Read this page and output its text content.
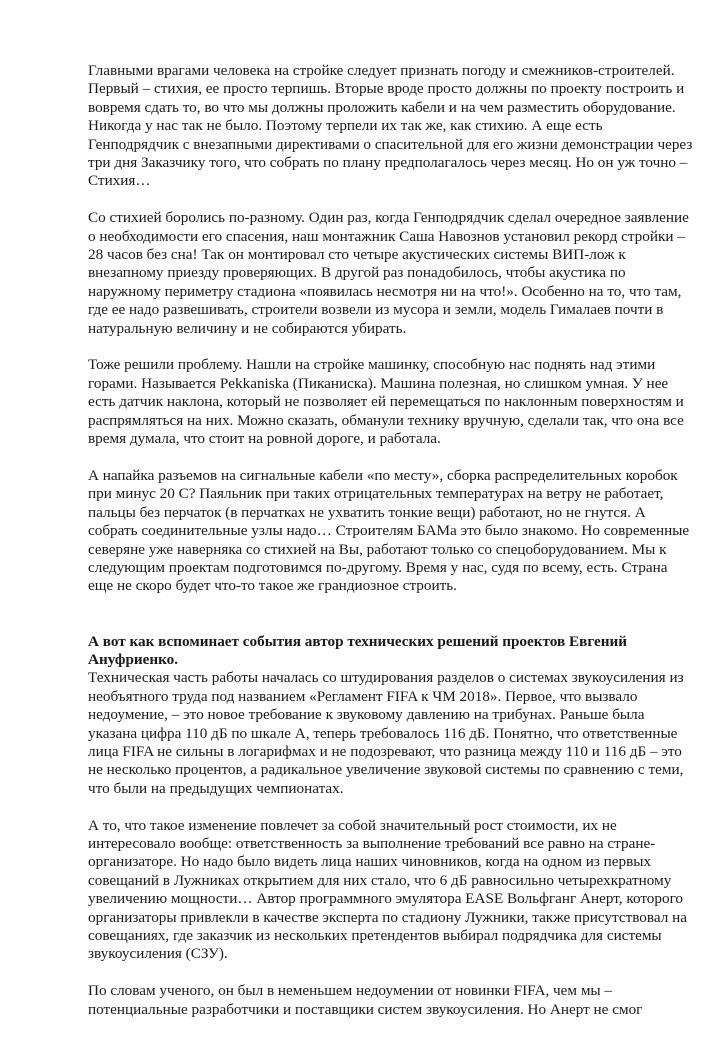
Главными врагами человека на стройке следует признать погоду и смежников-строителей.
Первый – стихия, ее просто терпишь. Вторые вроде просто должны по проекту построить и
вовремя сдать то, во что мы должны проложить кабели и на чем разместить оборудование.
Никогда у нас так не было. Поэтому терпели их так же, как стихию. А еще есть
Генподрядчик с внезапными директивами о спасительной для его жизни демонстрации через
три дня Заказчику того, что собрать по плану предполагалось через месяц. Но он уж точно –
Стихия…
Со стихией боролись по-разному. Один раз, когда Генподрядчик сделал очередное заявление
о необходимости его спасения, наш монтажник Саша Навознов установил рекорд стройки –
28 часов без сна! Так он монтировал сто четыре акустических системы ВИП-лож к
внезапному приезду проверяющих. В другой раз понадобилось, чтобы акустика по
наружному периметру стадиона «появилась несмотря ни на что!». Особенно на то, что там,
где ее надо развешивать, строители возвели из мусора и земли, модель Гималаев почти в
натуральную величину и не собираются убирать.
Тоже решили проблему. Нашли на стройке машинку, способную нас поднять над этими
горами. Называется Pekkaniska (Пиканиска). Машина полезная, но слишком умная. У нее
есть датчик наклона, который не позволяет ей перемещаться по наклонным поверхностям и
распрямляться на них. Можно сказать, обманули технику вручную, сделали так, что она все
время думала, что стоит на ровной дороге, и работала.
А напайка разъемов на сигнальные кабели «по месту», сборка распределительных коробок
при минус 20 С? Паяльник при таких отрицательных температурах на ветру не работает,
пальцы без перчаток (в перчатках не ухватить тонкие вещи) работают, но не гнутся. А
собрать соединительные узлы надо… Строителям БАМа это было знакомо. Но современные
северяне уже наверняка со стихией на Вы, работают только со спецоборудованием. Мы к
следующим проектам подготовимся по-другому. Время у нас, судя по всему, есть. Страна
еще не скоро будет что-то такое же грандиозное строить.
А вот как вспоминает события автор технических решений проектов Евгений
Ануфриенко.
Техническая часть работы началась со штудирования разделов о системах звукоусиления из
необъятного труда под названием «Регламент FIFA к ЧМ 2018». Первое, что вызвало
недоумение, – это новое требование к звуковому давлению на трибунах. Раньше была
указана цифра 110 дБ по шкале А, теперь требовалось 116 дБ. Понятно, что ответственные
лица FIFA не сильны в логарифмах и не подозревают, что разница между 110 и 116 дБ – это
не несколько процентов, а радикальное увеличение звуковой системы по сравнению с теми,
что были на предыдущих чемпионатах.
А то, что такое изменение повлечет за собой значительный рост стоимости, их не
интересовало вообще: ответственность за выполнение требований все равно на стране-
организаторе. Но надо было видеть лица наших чиновников, когда на одном из первых
совещаний в Лужниках открытием для них стало, что 6 дБ равносильно четырехкратному
увеличению мощности… Автор программного эмулятора EASE Вольфганг Анерт, которого
организаторы привлекли в качестве эксперта по стадиону Лужники, также присутствовал на
совещаниях, где заказчик из нескольких претендентов выбирал подрядчика для системы
звукоусиления (СЗУ).
По словам ученого, он был в неменьшем недоумении от новинки FIFA, чем мы –
потенциальные разработчики и поставщики систем звукоусиления. Но Анерт не смог
